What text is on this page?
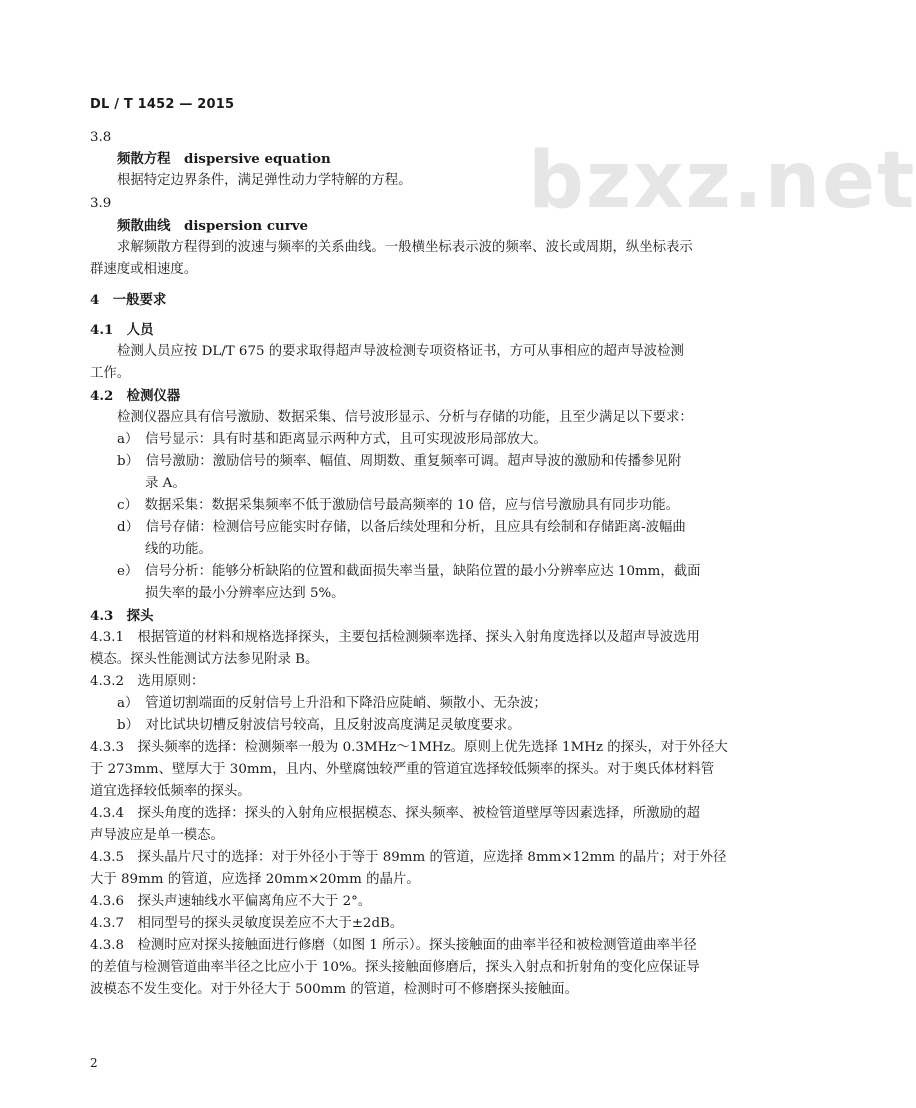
bzxz.net
DL / T 1452 — 2015
3.8
频散方程　dispersive equation
根据特定边界条件，满足弹性动力学特解的方程。
3.9
频散曲线　dispersion curve
求解频散方程得到的波速与频率的关系曲线。一般横坐标表示波的频率、波长或周期，纵坐标表示
群速度或相速度。
4　一般要求
4.1　人员
检测人员应按 DL/T 675 的要求取得超声导波检测专项资格证书，方可从事相应的超声导波检测
工作。
4.2　检测仪器
检测仪器应具有信号激励、数据采集、信号波形显示、分析与存储的功能，且至少满足以下要求：
a）　信号显示：具有时基和距离显示两种方式，且可实现波形局部放大。
b）　信号激励：激励信号的频率、幅值、周期数、重复频率可调。超声导波的激励和传播参见附
录 A。
c）　数据采集：数据采集频率不低于激励信号最高频率的 10 倍，应与信号激励具有同步功能。
d）　信号存储：检测信号应能实时存储，以备后续处理和分析，且应具有绘制和存储距离-波幅曲
线的功能。
e）　信号分析：能够分析缺陷的位置和截面损失率当量，缺陷位置的最小分辨率应达 10mm，截面
损失率的最小分辨率应达到 5%。
4.3　探头
4.3.1　根据管道的材料和规格选择探头，主要包括检测频率选择、探头入射角度选择以及超声导波选用
模态。探头性能测试方法参见附录 B。
4.3.2　选用原则：
a）　管道切割端面的反射信号上升沿和下降沿应陡峭、频散小、无杂波；
b）　对比试块切槽反射波信号较高，且反射波高度满足灵敏度要求。
4.3.3　探头频率的选择：检测频率一般为 0.3MHz～1MHz。原则上优先选择 1MHz 的探头，对于外径大
于 273mm、壁厚大于 30mm，且内、外壁腐蚀较严重的管道宜选择较低频率的探头。对于奥氏体材料管
道宜选择较低频率的探头。
4.3.4　探头角度的选择：探头的入射角应根据模态、探头频率、被检管道壁厚等因素选择，所激励的超
声导波应是单一模态。
4.3.5　探头晶片尺寸的选择：对于外径小于等于 89mm 的管道，应选择 8mm×12mm 的晶片；对于外径
大于 89mm 的管道，应选择 20mm×20mm 的晶片。
4.3.6　探头声速轴线水平偏离角应不大于 2°。
4.3.7　相同型号的探头灵敏度误差应不大于±2dB。
4.3.8　检测时应对探头接触面进行修磨（如图 1 所示）。探头接触面的曲率半径和被检测管道曲率半径
的差值与检测管道曲率半径之比应小于 10%。探头接触面修磨后，探头入射点和折射角的变化应保证导
波模态不发生变化。对于外径大于 500mm 的管道，检测时可不修磨探头接触面。
2
